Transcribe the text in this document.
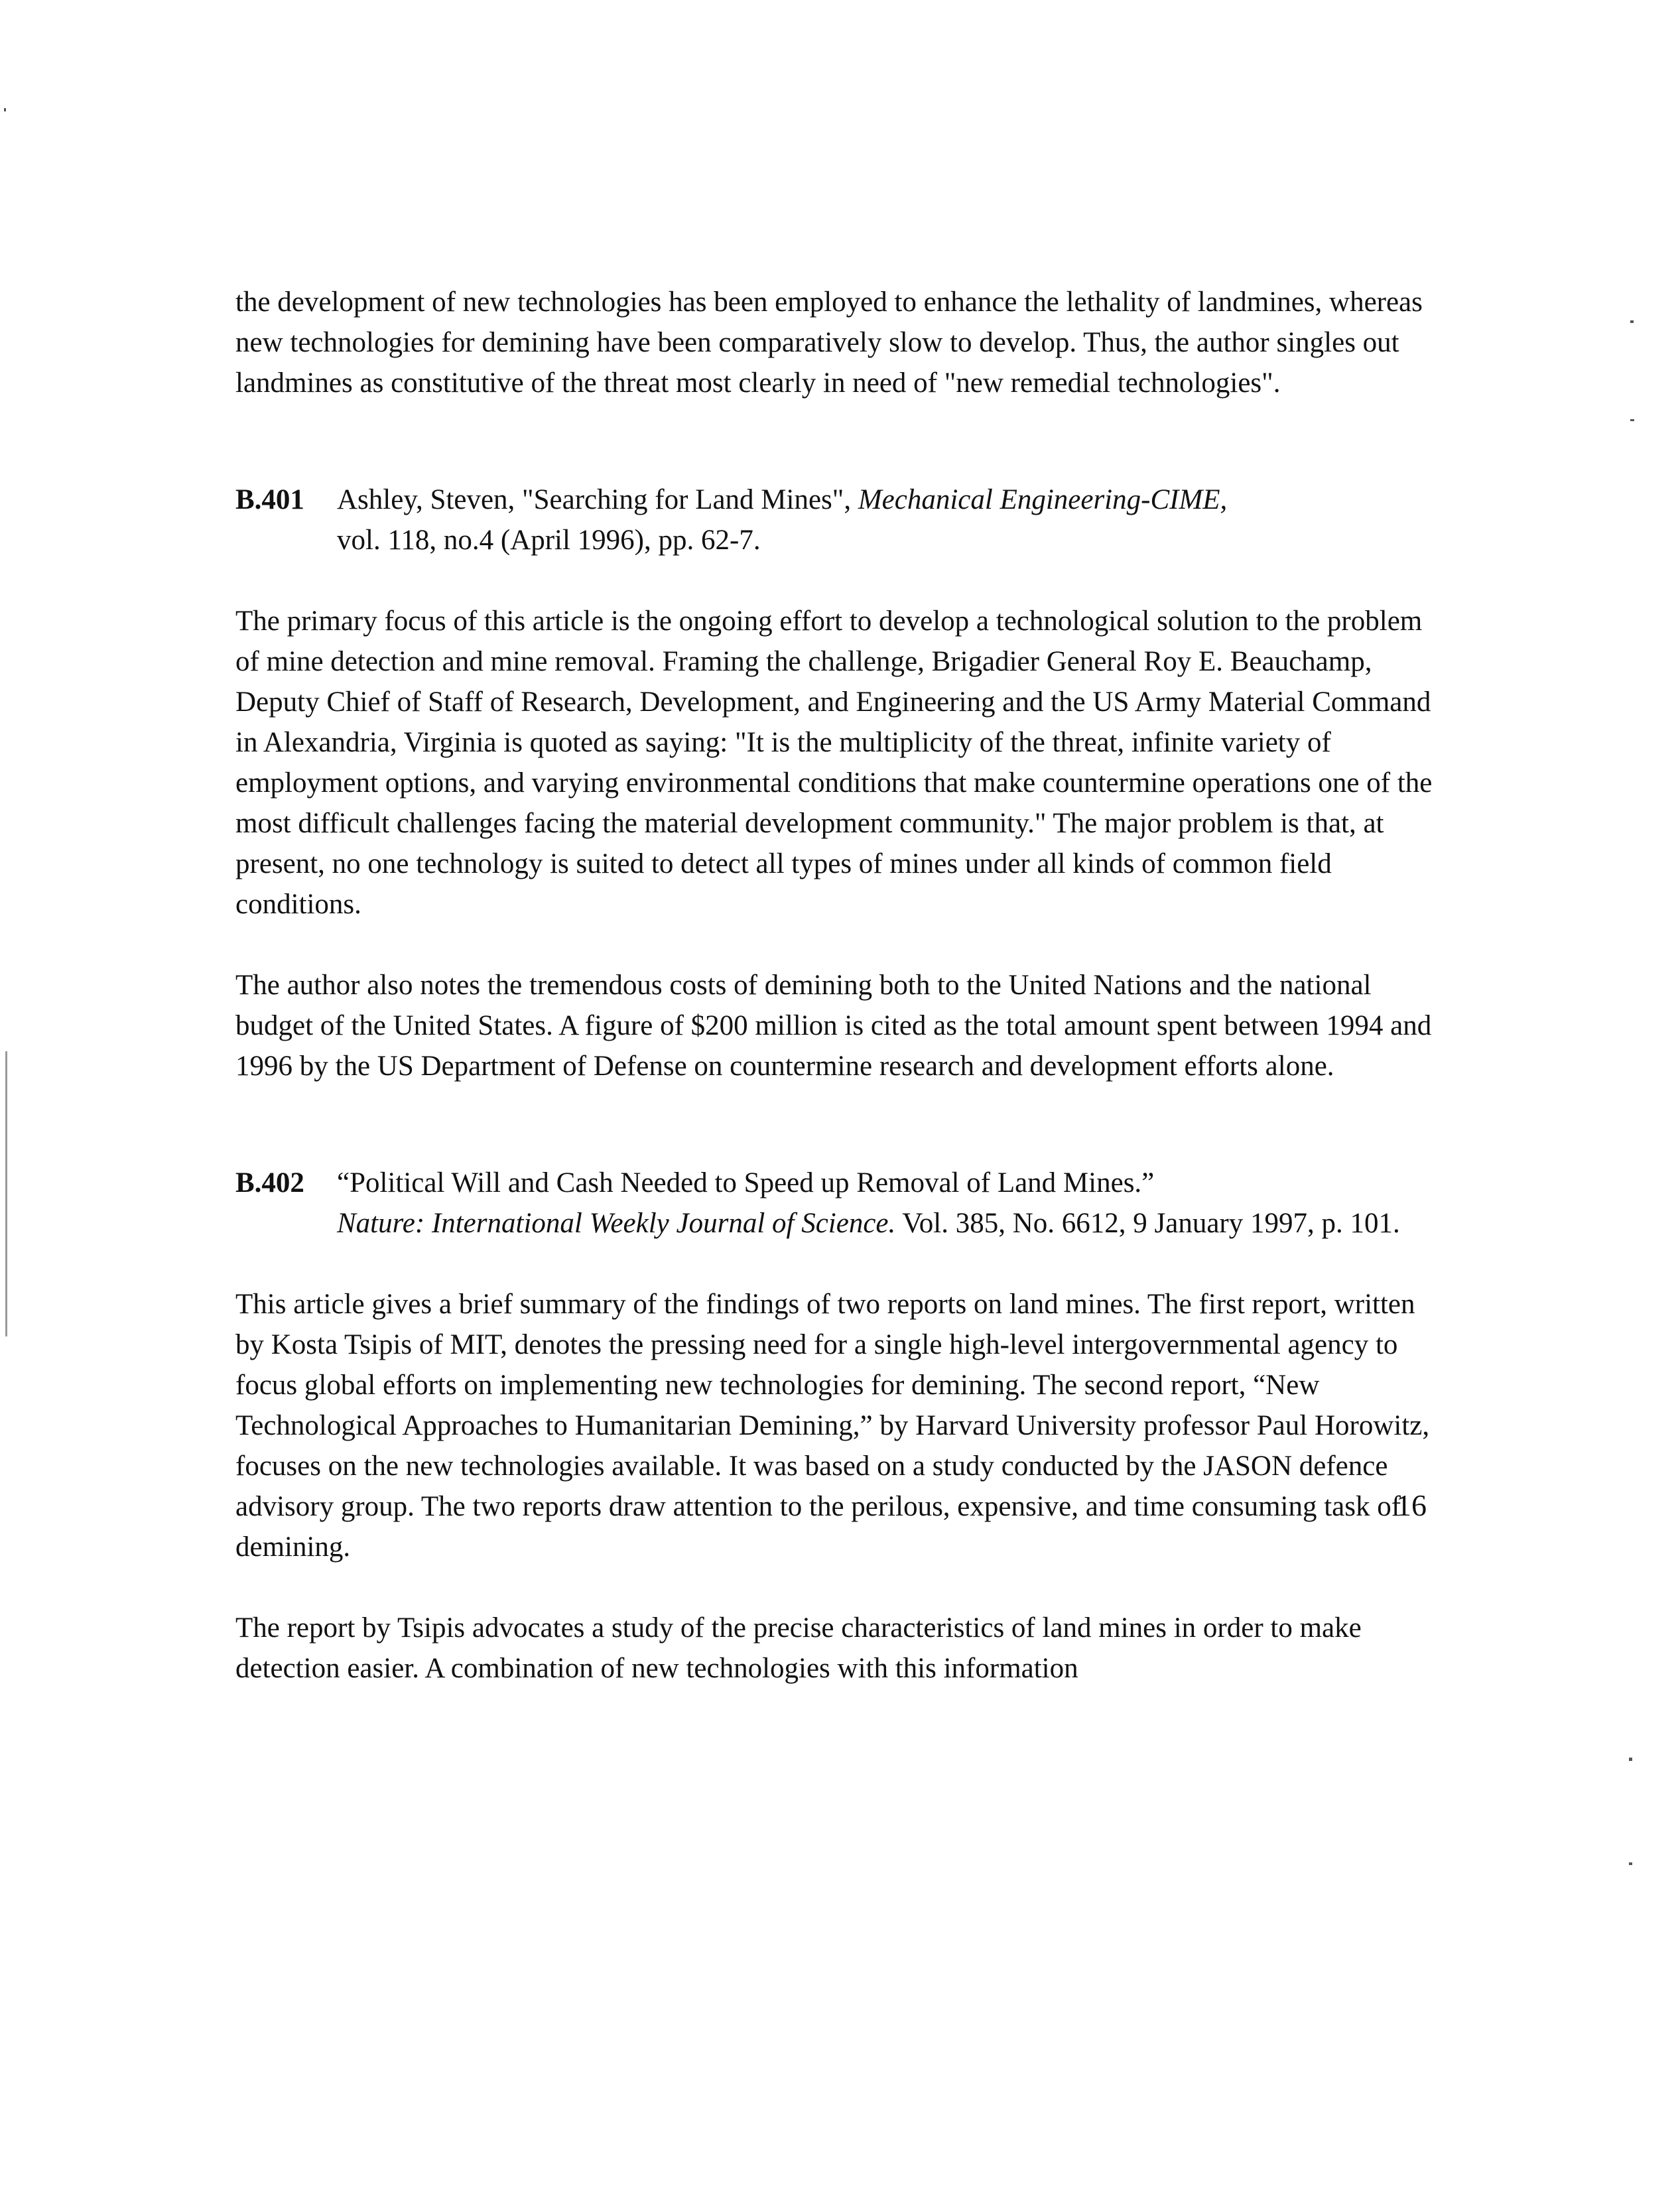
the development of new technologies has been employed to enhance the lethality of landmines, whereas new technologies for demining have been comparatively slow to develop. Thus, the author singles out landmines as constitutive of the threat most clearly in need of "new remedial technologies".

B.401	Ashley, Steven, "Searching for Land Mines", Mechanical Engineering-CIME,
vol. 118, no.4 (April 1996), pp. 62-7.

The primary focus of this article is the ongoing effort to develop a technological solution to the problem of mine detection and mine removal. Framing the challenge, Brigadier General Roy E. Beauchamp, Deputy Chief of Staff of Research, Development, and Engineering and the US Army Material Command in Alexandria, Virginia is quoted as saying: "It is the multiplicity of the threat, infinite variety of employment options, and varying environmental conditions that make countermine operations one of the most difficult challenges facing the material development community." The major problem is that, at present, no one technology is suited to detect all types of mines under all kinds of common field conditions.

The author also notes the tremendous costs of demining both to the United Nations and the national budget of the United States. A figure of $200 million is cited as the total amount spent between 1994 and 1996 by the US Department of Defense on countermine research and development efforts alone.

B.402	“Political Will and Cash Needed to Speed up Removal of Land Mines.”
Nature: International Weekly Journal of Science. Vol. 385, No. 6612, 9 January 1997, p. 101.

This article gives a brief summary of the findings of two reports on land mines. The first report, written by Kosta Tsipis of MIT, denotes the pressing need for a single high-level intergovernmental agency to focus global efforts on implementing new technologies for demining. The second report, “New Technological Approaches to Humanitarian Demining,” by Harvard University professor Paul Horowitz, focuses on the new technologies available. It was based on a study conducted by the JASON defence advisory group. The two reports draw attention to the perilous, expensive, and time consuming task of demining.

The report by Tsipis advocates a study of the precise characteristics of land mines in order to make detection easier. A combination of new technologies with this information

16
